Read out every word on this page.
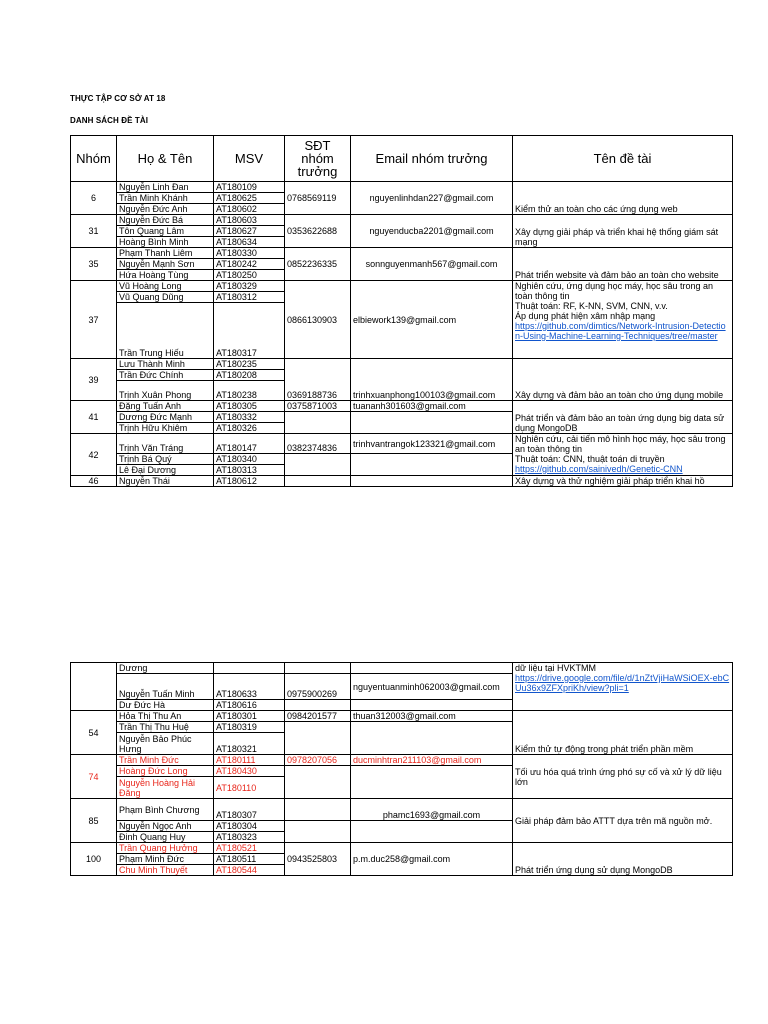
THỰC TẬP CƠ SỞ AT 18
DANH SÁCH ĐỀ TÀI
Nhóm	Họ & Tên	MSV	SĐT nhóm trưởng	Email nhóm trưởng	Tên đề tài
6	Nguyễn Linh Đan	AT180109	0768569119	nguyenlinhdan227@gmail.com	Kiểm thử an toàn cho các ứng dụng web
	Trần Minh Khánh	AT180625			
	Nguyễn Đức Anh	AT180602			
31	Nguyễn Đức Bá	AT180603	0353622688	nguyenducba2201@gmail.com	Xây dựng giải pháp và triển khai hệ thống giám sát mạng
	Tôn Quang Lâm	AT180627			
	Hoàng Bình Minh	AT180634			
35	Phạm Thanh Liêm	AT180330	0852236335	sonnguyenmanh567@gmail.com	Phát triển website và đảm bảo an toàn cho website
	Nguyễn Mạnh Sơn	AT180242			
	Hứa Hoàng Tùng	AT180250			
37	Vũ Hoàng Long	AT180329	0866130903	elbiework139@gmail.com	Nghiên cứu, ứng dụng học máy, học sâu trong an toàn thông tin
Thuật toán: RF, K-NN, SVM, CNN, v.v.
Áp dụng phát hiện xâm nhập mạng
https://github.com/dimtics/Network-Intrusion-Detection-Using-Machine-Learning-Techniques/tree/master

	Vũ Quang Dũng	AT180312			
	Trần Trung Hiếu	AT180317			
39	Lưu Thành Minh	AT180235	0369188736	trinhxuanphong100103@gmail.com	Xây dựng và đảm bảo an toàn cho ứng dụng mobile
	Trần Đức Chính	AT180208			
	Trịnh Xuân Phong	AT180238			
41	Đặng Tuấn Anh	AT180305	0375871003	tuananh301603@gmail.com	Phát triển và đảm bảo an toàn ứng dụng big data sử dụng MongoDB
	Dương Đức Mạnh	AT180332			
	Trịnh Hữu Khiêm	AT180326			
42	Trịnh Văn Tráng	AT180147	0382374836	trinhvantrangok123321@gmail.com	Nghiên cứu, cải tiến mô hình học máy, học sâu trong an toàn thông tin
Thuật toán: CNN, thuật toán di truyền
https://github.com/sainivedh/Genetic-CNN

	Trịnh Bá Quý	AT180340			
	Lê Đại Dương	AT180313			
46	Nguyễn Thái	AT180612			Xây dựng và thử nghiệm giải pháp triển khai hồ
	Dương				dữ liệu tại HVKTMM
https://drive.google.com/file/d/1nZtVjiHaWSiOEX-ebCUu36x9ZFXpriKh/view?pli=1

	Nguyễn Tuấn Minh	AT180633	0975900269	nguyentuanminh062003@gmail.com	
	Dư Đức Hà	AT180616			
54	Hỏa Thị Thu An	AT180301	0984201577	thuan312003@gmail.com	Kiểm thử tự động trong phát triển phần mềm
	Trần Thị Thu Huệ	AT180319			
	Nguyễn Bảo Phúc Hưng	AT180321			
74	Trần Minh Đức	AT180111	0978207056	ducminhtran211103@gmail.com	Tối ưu hóa quá trình ứng phó sự cố và xử lý dữ liệu lớn
	Hoàng Đức Long	AT180430			
	Nguyễn Hoàng Hải Đăng	AT180110			
85	Phạm Bình Chương	AT180307		phamc1693@gmail.com	Giải pháp đảm bảo ATTT dựa trên mã nguồn mở.
	Nguyễn Ngọc Anh	AT180304			
	Đinh Quang Huy	AT180323			
100	Trần Quang Hưởng	AT180521	0943525803	p.m.duc258@gmail.com	Phát triển ứng dụng sử dụng MongoDB
	Phạm Minh Đức	AT180511			
	Chu Minh Thuyết	AT180544			
